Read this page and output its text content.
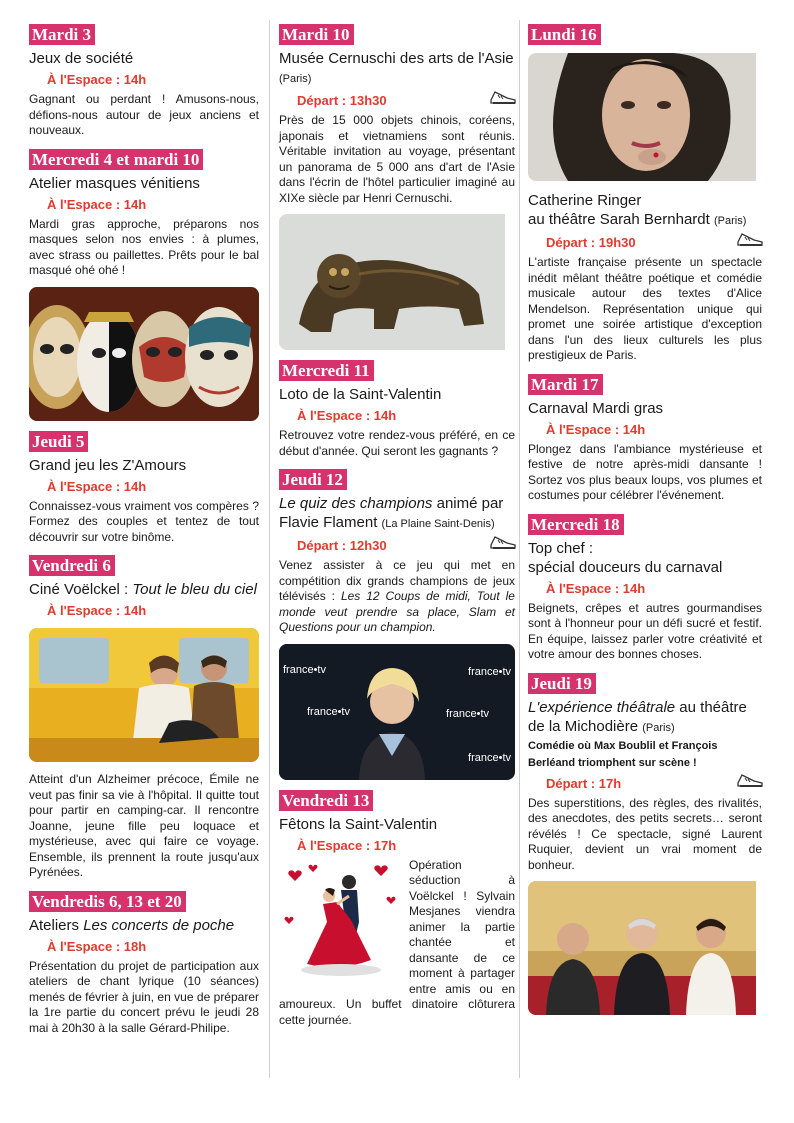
Mardi 3
Jeux de société
À l'Espace : 14h
Gagnant ou perdant ! Amusons-nous, défions-nous autour de jeux anciens et nouveaux.
Mercredi 4 et mardi 10
Atelier masques vénitiens
À l'Espace : 14h
Mardi gras approche, préparons nos masques selon nos envies : à plumes, avec strass ou paillettes. Prêts pour le bal masqué ohé ohé !
Jeudi 5
Grand jeu les Z'Amours
À l'Espace : 14h
Connaissez-vous vraiment vos compères ? Formez des couples et tentez de tout découvrir sur votre binôme.
Vendredi 6
Ciné Voëlckel : Tout le bleu du ciel
À l'Espace : 14h
Atteint d'un Alzheimer précoce, Émile ne veut pas finir sa vie à l'hôpital. Il quitte tout pour partir en camping-car. Il rencontre Joanne, jeune fille peu loquace et mystérieuse, avec qui faire ce voyage. Ensemble, ils prennent la route jusqu'aux Pyrénées.
Vendredis 6, 13 et 20
Ateliers Les concerts de poche
À l'Espace : 18h
Présentation du projet de participation aux ateliers de chant lyrique (10 séances) menés de février à juin, en vue de préparer la 1re partie du concert prévu le jeudi 28 mai à 20h30 à la salle Gérard-Philipe.
Mardi 10
Musée Cernuschi des arts de l'Asie
(Paris)
Départ : 13h30
Près de 15 000 objets chinois, coréens, japonais et vietnamiens sont réunis. Véritable invitation au voyage, présentant un panorama de 5 000 ans d'art de l'Asie dans l'écrin de l'hôtel particulier imaginé au XIXe siècle par Henri Cernuschi.
Mercredi 11
Loto de la Saint-Valentin
À l'Espace : 14h
Retrouvez votre rendez-vous préféré, en ce début d'année. Qui seront les gagnants ?
Jeudi 12
Le quiz des champions animé par Flavie Flament (La Plaine Saint-Denis)
Départ : 12h30
Venez assister à ce jeu qui met en compétition dix grands champions de jeux télévisés : Les 12 Coups de midi, Tout le monde veut prendre sa place, Slam et Questions pour un champion.
france•tv	france•tv
france•tv	france•tv
france•tv
Vendredi 13
Fêtons la Saint-Valentin
À l'Espace : 17h
Opération séduction à Voëlckel ! Sylvain Mesjanes viendra animer la partie chantée et dansante de ce moment à partager entre amis ou en amoureux. Un buffet dinatoire clôturera cette journée.
Lundi 16
Catherine Ringer
au théâtre Sarah Bernhardt (Paris)
Départ : 19h30
L'artiste française présente un spectacle inédit mêlant théâtre poétique et comédie musicale autour des textes d'Alice Mendelson. Représentation unique qui promet une soirée artistique d'exception dans l'un des lieux culturels les plus prestigieux de Paris.
Mardi 17
Carnaval Mardi gras
À l'Espace : 14h
Plongez dans l'ambiance mystérieuse et festive de notre après-midi dansante ! Sortez vos plus beaux loups, vos plumes et costumes pour célébrer l'événement.
Mercredi 18
Top chef :
spécial douceurs du carnaval
À l'Espace : 14h
Beignets, crêpes et autres gourmandises sont à l'honneur pour un défi sucré et festif. En équipe, laissez parler votre créativité et votre amour des bonnes choses.
Jeudi 19
L'expérience théâtrale au théâtre de la Michodière (Paris)
Comédie où Max Boublil et François Berléand triomphent sur scène !
Départ : 17h
Des superstitions, des règles, des rivalités, des anecdotes, des petits secrets… seront révélés ! Ce spectacle, signé Laurent Ruquier, devient un vrai moment de bonheur.
